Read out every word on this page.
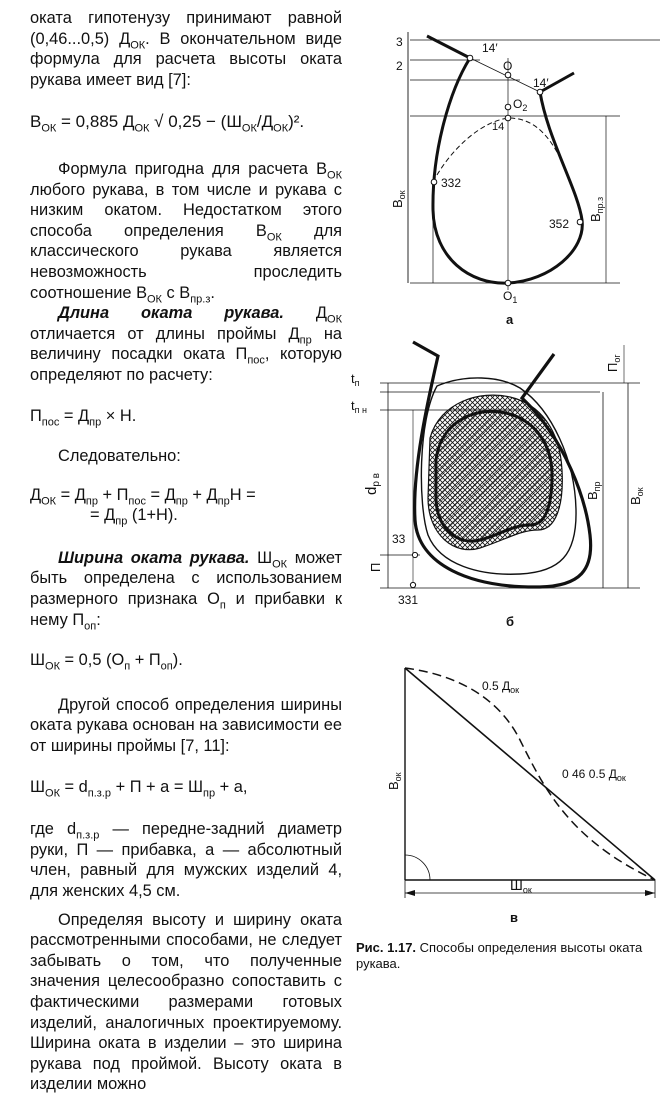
оката гипотенузу принимают равной (0,46...0,5) $Д_{ОК}$. В окончательном виде формула для расчета высоты оката рукава имеет вид [7]:

$В_{ОК} = 0,885$ $Д_{ОК}$ √ $0,25 - (Ш_{ОК}/Д_{ОК})^2$.

Формула пригодна для расчета $В_{ОК}$ любого рукава, в том числе и рукава с низким окатом. Недостатком этого способа определения $В_{ОК}$ для классического рукава является невозможность проследить соотношение $В_{ОК}$ с $В_{пр.з}$.

Длина оката рукава. $Д_{ОК}$ отличается от длины проймы $Д_{пр}$ на величину посадки оката $П_{пос}$, которую определяют по расчету:

$П_{пос} = Д_{пр} \times Н$.

Следовательно:

$Д_{ОК} = Д_{пр} + П_{пос} = Д_{пр} + Д_{пр}Н$ =

= $Д_{пр}$ (1+Н).

Ширина оката рукава. $Ш_{ОК}$ может быть определена с использованием размерного признака $О_п$ и прибавки к нему $П_{оп}$:

$Ш_{ОК} = 0,5$ $(О_п + П_{оп})$.

Другой способ определения ширины оката рукава основан на зависимости ее от ширины проймы [7, 11]:

$Ш_{ОК} = d_{п.з.р} + П + а = Ш_{пр} + а$,

где $d_{п.з.р}$ — передне-задний диаметр руки, П — прибавка, а — абсолютный член, равный для мужских изделий 4, для женских 4,5 см.

Определяя высоту и ширину оката рассмотренными способами, не следует забывать о том, что полученные значения целесообразно сопоставить с фактическими размерами готовых изделий, аналогичных проектируемому. Ширина оката в изделии – это ширина рукава под проймой. Высоту оката в изделии можно

3
2
14′
O
14′
$O_2$
14
332
352
$O_1$
$В_{ок}$
$В_{пр.з}$
а
$t_п$
$t_{п н}$
$d_{р в}$
33
П
331
$П_{ог}$
$В_{пр}$
$В_{ок}$
б
0.5 $Д_{ок}$
0 46 0.5 $Д_{ок}$
$В_{ок}$
$Ш_{ок}$
в
Рис. 1.17. Способы определения высоты оката рукава.
